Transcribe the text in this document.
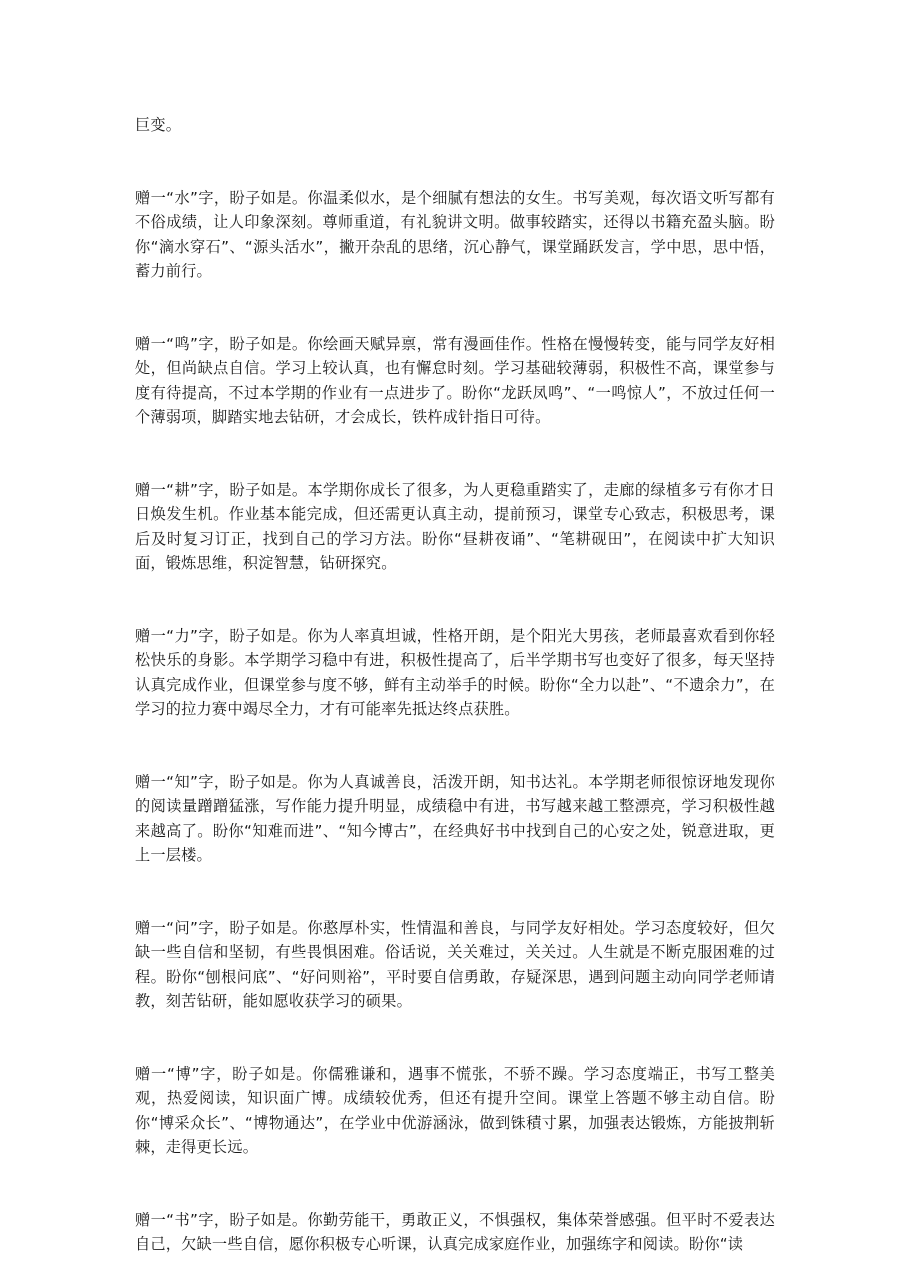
巨变。

赠一“水”字，盼子如是。你温柔似水，是个细腻有想法的女生。书写美观，每次语文听写都有不俗成绩，让人印象深刻。尊师重道，有礼貌讲文明。做事较踏实，还得以书籍充盈头脑。盼你“滴水穿石”、“源头活水”，撇开杂乱的思绪，沉心静气，课堂踊跃发言，学中思，思中悟，蓄力前行。

赠一“鸣”字，盼子如是。你绘画天赋异禀，常有漫画佳作。性格在慢慢转变，能与同学友好相处，但尚缺点自信。学习上较认真，也有懈怠时刻。学习基础较薄弱，积极性不高，课堂参与度有待提高，不过本学期的作业有一点进步了。盼你“龙跃凤鸣”、“一鸣惊人”，不放过任何一个薄弱项，脚踏实地去钻研，才会成长，铁杵成针指日可待。

赠一“耕”字，盼子如是。本学期你成长了很多，为人更稳重踏实了，走廊的绿植多亏有你才日日焕发生机。作业基本能完成，但还需更认真主动，提前预习，课堂专心致志，积极思考，课后及时复习订正，找到自己的学习方法。盼你“昼耕夜诵”、“笔耕砚田”，在阅读中扩大知识面，锻炼思维，积淀智慧，钻研探究。

赠一“力”字，盼子如是。你为人率真坦诚，性格开朗，是个阳光大男孩，老师最喜欢看到你轻松快乐的身影。本学期学习稳中有进，积极性提高了，后半学期书写也变好了很多，每天坚持认真完成作业，但课堂参与度不够，鲜有主动举手的时候。盼你“全力以赴”、“不遗余力”，在学习的拉力赛中竭尽全力，才有可能率先抵达终点获胜。

赠一“知”字，盼子如是。你为人真诚善良，活泼开朗，知书达礼。本学期老师很惊讶地发现你的阅读量蹭蹭猛涨，写作能力提升明显，成绩稳中有进，书写越来越工整漂亮，学习积极性越来越高了。盼你“知难而进”、“知今博古”，在经典好书中找到自己的心安之处，锐意进取，更上一层楼。

赠一“问”字，盼子如是。你憨厚朴实，性情温和善良，与同学友好相处。学习态度较好，但欠缺一些自信和坚韧，有些畏惧困难。俗话说，关关难过，关关过。人生就是不断克服困难的过程。盼你“刨根问底”、“好问则裕”，平时要自信勇敢，存疑深思，遇到问题主动向同学老师请教，刻苦钻研，能如愿收获学习的硕果。

赠一“博”字，盼子如是。你儒雅谦和，遇事不慌张，不骄不躁。学习态度端正，书写工整美观，热爱阅读，知识面广博。成绩较优秀，但还有提升空间。课堂上答题不够主动自信。盼你“博采众长”、“博物通达”，在学业中优游涵泳，做到铢積寸累，加强表达锻炼，方能披荆斩棘，走得更长远。

赠一“书”字，盼子如是。你勤劳能干，勇敢正义，不惧强权，集体荣誉感强。但平时不爱表达自己，欠缺一些自信，愿你积极专心听课，认真完成家庭作业，加强练字和阅读。盼你“读
